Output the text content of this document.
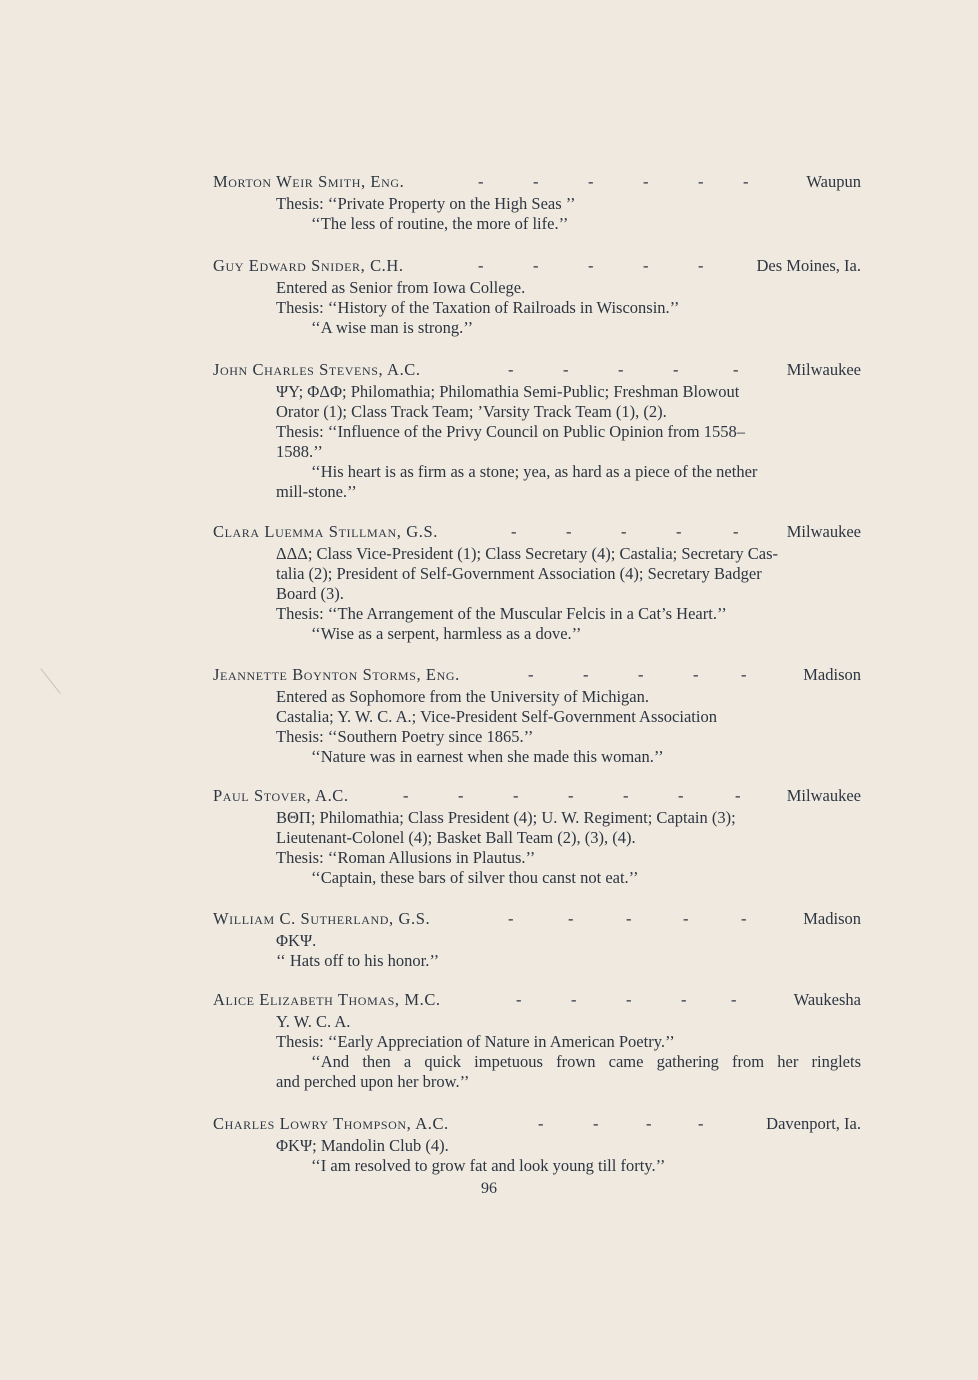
Morton Weir Smith, Eng.	-	-	-	-	- -	Waupun
Thesis: ‘‘Private Property on the High Seas ’’
‘‘The less of routine, the more of life.’’
Guy Edward Snider, C.H.	-	-	-	-	-	Des Moines, Ia.
Entered as Senior from Iowa College.
Thesis: ‘‘History of the Taxation of Railroads in Wisconsin.’’
‘‘A wise man is strong.’’
John Charles Stevens, A.C.	-	-	-	-	-	Milwaukee
ΨΥ; ΦΔΦ; Philomathia; Philomathia Semi-Public; Freshman Blowout
Orator (1); Class Track Team; ’Varsity Track Team (1), (2).
Thesis: ‘‘Influence of the Privy Council on Public Opinion from 1558–
1588.’’
‘‘His heart is as firm as a stone; yea, as hard as a piece of the nether
mill-stone.’’
Clara Luemma Stillman, G.S.	-	-	-	-	-	Milwaukee
ΔΔΔ; Class Vice-President (1); Class Secretary (4); Castalia; Secretary Cas-
talia (2); President of Self-Government Association (4); Secretary Badger
Board (3).
Thesis: ‘‘The Arrangement of the Muscular Felcis in a Cat’s Heart.’’
‘‘Wise as a serpent, harmless as a dove.’’
Jeannette Boynton Storms, Eng.	-	-	-	-	-	Madison
Entered as Sophomore from the University of Michigan.
Castalia; Y. W. C. A.; Vice-President Self-Government Association
Thesis: ‘‘Southern Poetry since 1865.’’
‘‘Nature was in earnest when she made this woman.’’
Paul Stover, A.C.	-	-	-	-	-	-	-	Milwaukee
ΒΘΠ; Philomathia; Class President (4); U. W. Regiment; Captain (3);
Lieutenant-Colonel (4); Basket Ball Team (2), (3), (4).
Thesis: ‘‘Roman Allusions in Plautus.’’
‘‘Captain, these bars of silver thou canst not eat.’’
William C. Sutherland, G.S.	-	-	-	-	-	Madison
ΦΚΨ.
‘‘ Hats off to his honor.’’
Alice Elizabeth Thomas, M.C.	-	-	-	-	-	Waukesha
Y. W. C. A.
Thesis: ‘‘Early Appreciation of Nature in American Poetry.’’
‘‘And then a quick impetuous frown came gathering from her ringlets
and perched upon her brow.’’
Charles Lowry Thompson, A.C.	-	-	-	-	Davenport, Ia.
ΦΚΨ; Mandolin Club (4).
‘‘I am resolved to grow fat and look young till forty.’’
96
